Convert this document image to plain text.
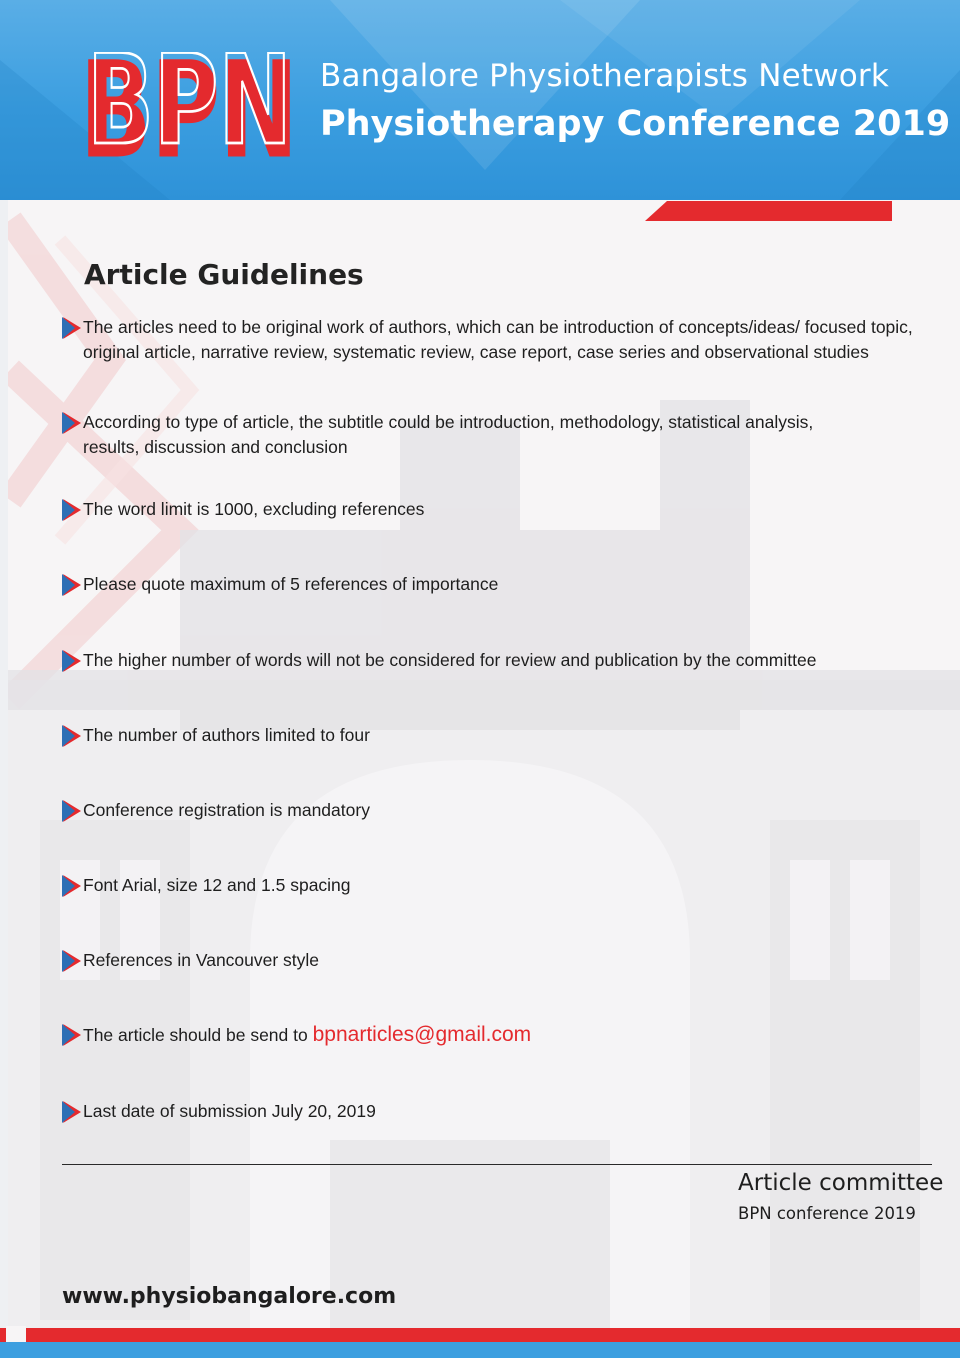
BPN
BPN Bangalore Physiotherapists Network
Physiotherapy Conference 2019
Article Guidelines
The articles need to be original work of authors, which can be introduction of concepts/ideas/ focused topic, original article, narrative review, systematic review, case report, case series and observational studies
According to type of article, the subtitle could be introduction, methodology, statistical analysis, results, discussion and conclusion
The word limit is 1000, excluding references
Please quote maximum of 5 references of importance
The higher number of words will not be considered for review and publication by the committee
The number of authors limited to four
Conference registration is mandatory
Font Arial, size 12 and 1.5 spacing
References in Vancouver style
The article should be send to bpnarticles@gmail.com
Last date of submission July 20, 2019
Article committee
BPN conference 2019
www.physiobangalore.com
